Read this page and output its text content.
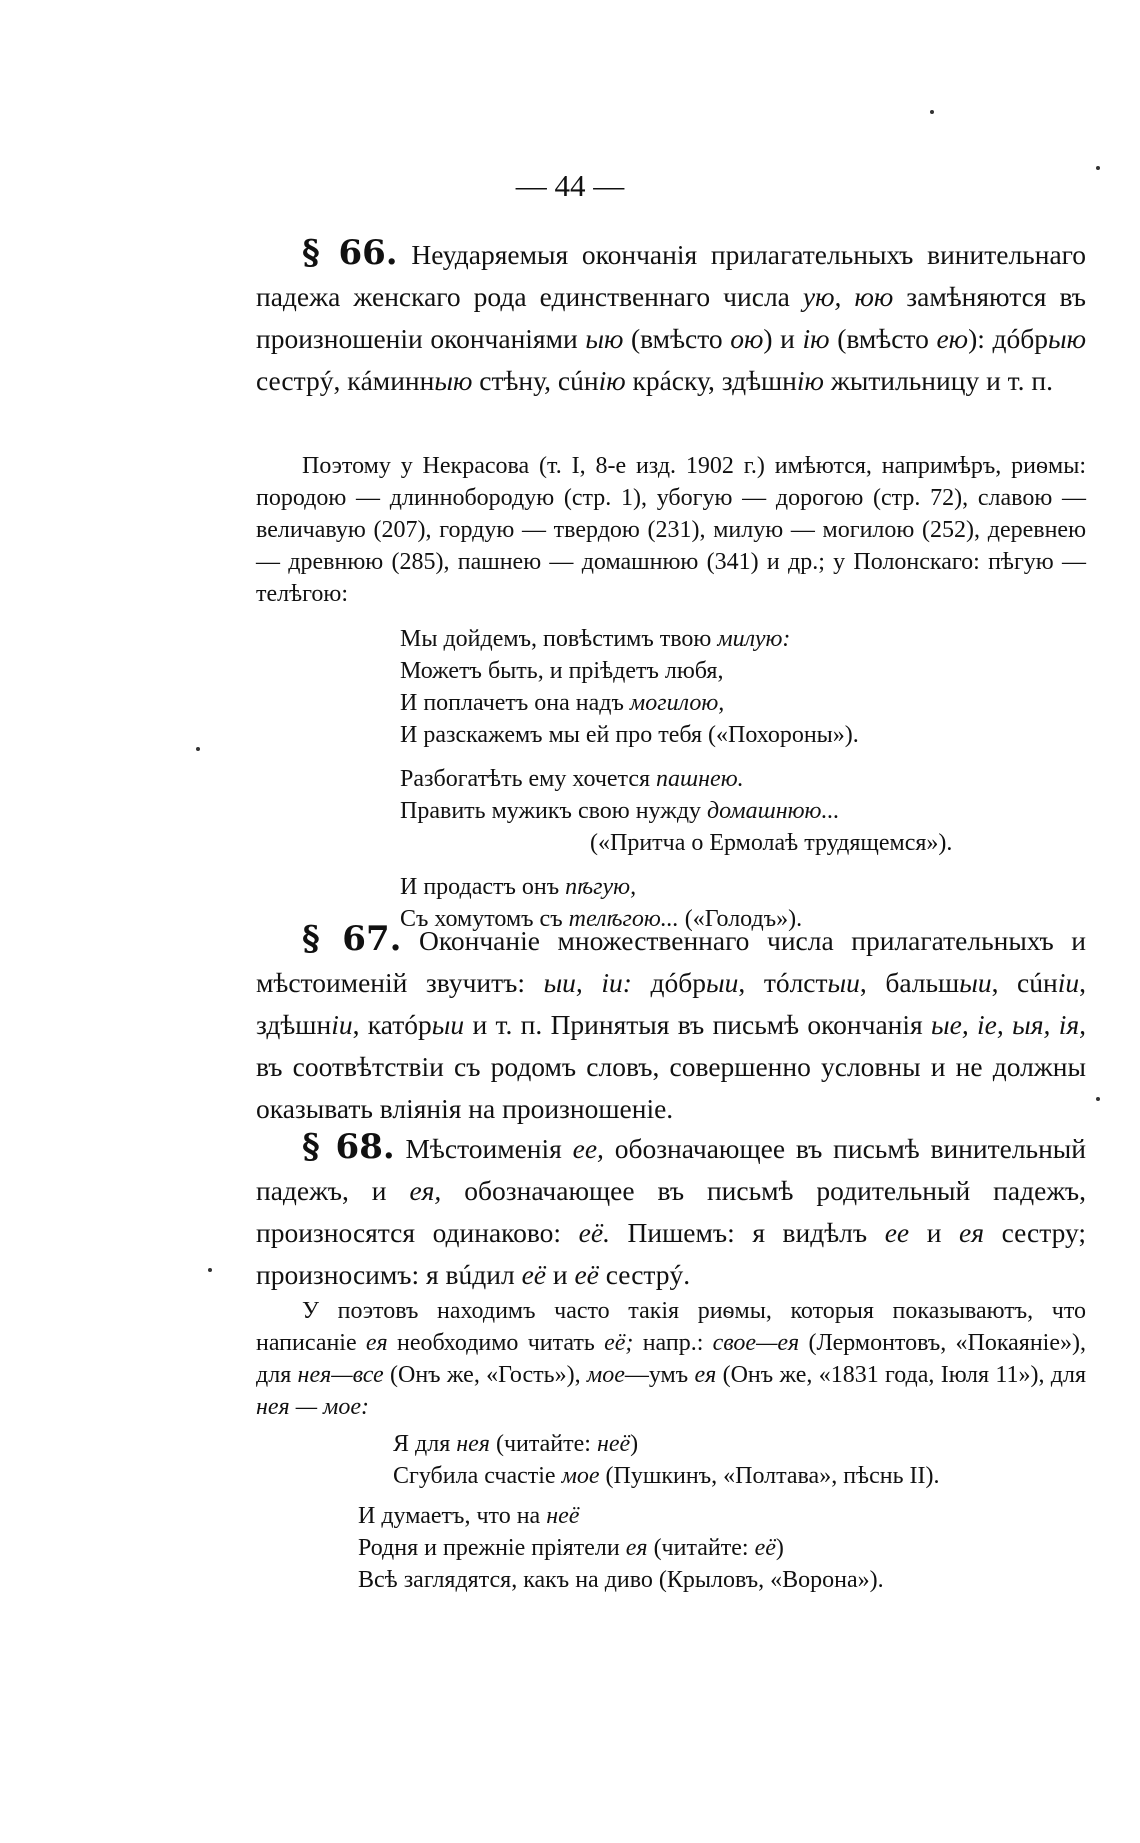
— 44 —

§ 66. Неударяемыя окончанія прилагательныхъ винительнаго падежа женскаго рода единственнаго числа ую, юю замѣняются въ произношеніи окончаніями ыю (вмѣсто ою) и ію (вмѣсто ею): дóбрыю сестрý, кáминныю стѣну, сúнію крáску, здѣшнію жытильницу и т. п.

Поэтому у Некрасова (т. I, 8-е изд. 1902 г.) имѣются, напримѣръ, риѳмы: породою — длиннобородую (стр. 1), убогую — дорогою (стр. 72), славою — величавую (207), гордую — твердою (231), милую — могилою (252), деревнею — древнюю (285), пашнею — домашнюю (341) и др.; у Полонскаго: пѣгую — телѣгою:

Мы дойдемъ, повѣстимъ твою милую:
Можетъ быть, и пріѣдетъ любя,
И поплачетъ она надъ могилою,
И разскажемъ мы ей про тебя («Похороны»).
Разбогатѣть ему хочется пашнею.
Править мужикъ свою нужду домашнюю...
(«Притча о Ермолаѣ трудящемся»).
И продастъ онъ пѣгую,
Съ хомутомъ съ телѣгою... («Голодъ»).

§ 67. Окончаніе множественнаго числа прилагательныхъ и мѣстоименій звучитъ: ыи, іи: дóбрыи, тóлстыи, бальшыи, сúніи, здѣшніи, катóрыи и т. п. Принятыя въ письмѣ окончанія ые, іе, ыя, ія, въ соотвѣтствіи съ родомъ словъ, совершенно условны и не должны оказывать вліянія на произношеніе.

§ 68. Мѣстоименія ее, обозначающее въ письмѣ винительный падежъ, и ея, обозначающее въ письмѣ родительный падежъ, произносятся одинаково: её. Пишемъ: я видѣлъ ее и ея сестру; произносимъ: я вúдил её и её сестрý.

У поэтовъ находимъ часто такія риѳмы, которыя показываютъ, что написаніе ея необходимо читать её; напр.: свое—ея (Лермонтовъ, «Покаяніе»), для нея—все (Онъ же, «Гость»), мое—умъ ея (Онъ же, «1831 года, Іюля 11»), для нея — мое:

Я для нея (читайте: неё)
Сгубила счастіе мое (Пушкинъ, «Полтава», пѣснь II).
И думаетъ, что на неё
Родня и прежніе пріятели ея (читайте: её)
Всѣ заглядятся, какъ на диво (Крыловъ, «Ворона»).
